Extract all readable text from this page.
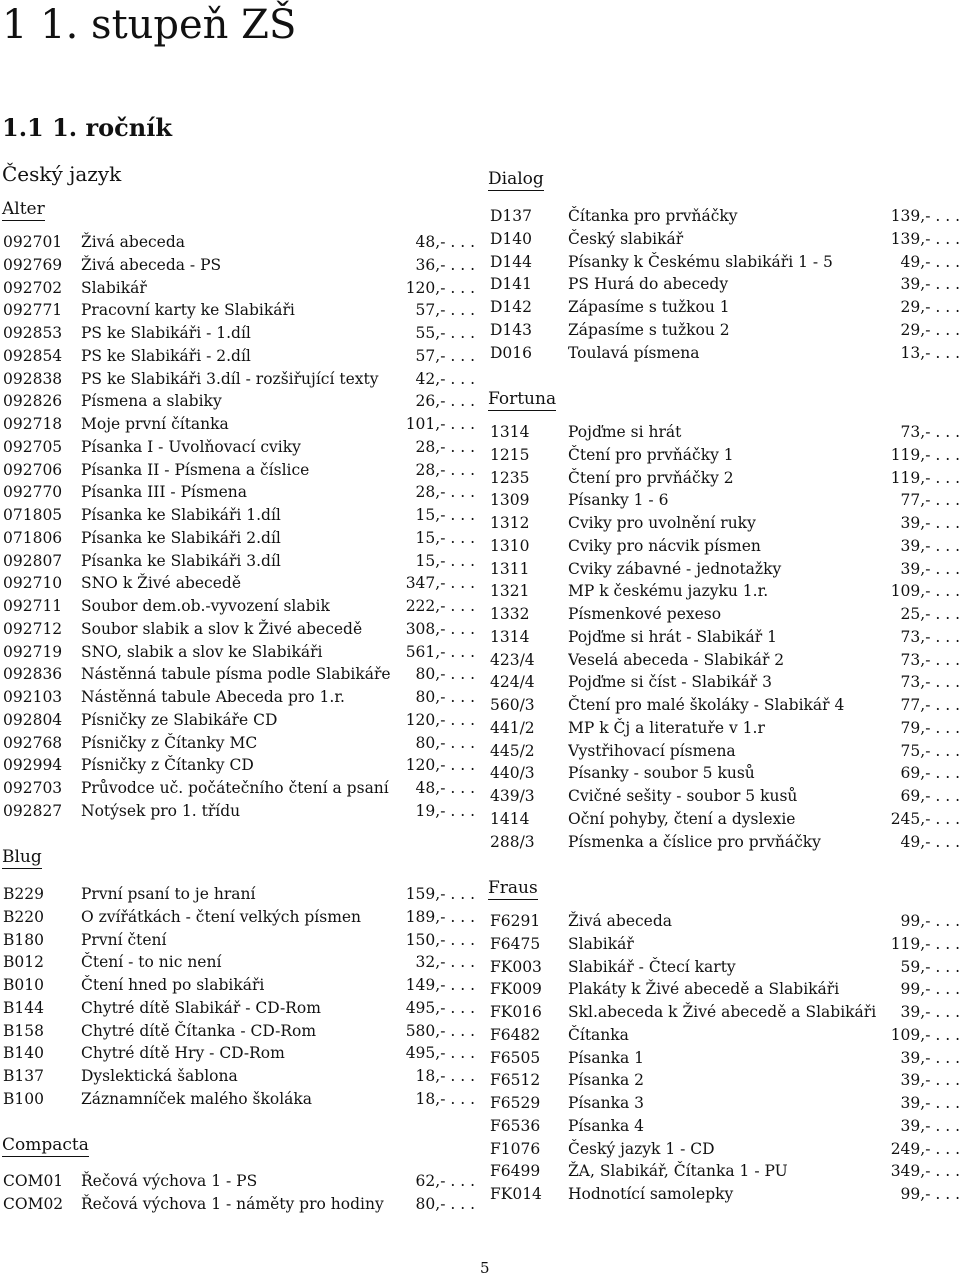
1 1. stupeň ZŠ
1.1 1. ročník
Český jazyk
Alter
092701	Živá abeceda	48,- . . .
092769	Živá abeceda - PS	36,- . . .
092702	Slabikář	120,- . . .
092771	Pracovní karty ke Slabikáři	57,- . . .
092853	PS ke Slabikáři - 1.díl	55,- . . .
092854	PS ke Slabikáři - 2.díl	57,- . . .
092838	PS ke Slabikáři 3.díl - rozšiřující texty	42,- . . .
092826	Písmena a slabiky	26,- . . .
092718	Moje první čítanka	101,- . . .
092705	Písanka I - Uvolňovací cviky	28,- . . .
092706	Písanka II - Písmena a číslice	28,- . . .
092770	Písanka III - Písmena	28,- . . .
071805	Písanka ke Slabikáři 1.díl	15,- . . .
071806	Písanka ke Slabikáři 2.díl	15,- . . .
092807	Písanka ke Slabikáři 3.díl	15,- . . .
092710	SNO k Živé abecedě	347,- . . .
092711	Soubor dem.ob.-vyvození slabik	222,- . . .
092712	Soubor slabik a slov k Živé abecedě	308,- . . .
092719	SNO, slabik a slov ke Slabikáři	561,- . . .
092836	Nástěnná tabule písma podle Slabikáře	80,- . . .
092103	Nástěnná tabule Abeceda pro 1.r.	80,- . . .
092804	Písničky ze Slabikáře CD	120,- . . .
092768	Písničky z Čítanky MC	80,- . . .
092994	Písničky z Čítanky CD	120,- . . .
092703	Průvodce uč. počátečního čtení a psaní	48,- . . .
092827	Notýsek pro 1. třídu	19,- . . .
Blug
B229	První psaní to je hraní	159,- . . .
B220	O zvířátkách - čtení velkých písmen	189,- . . .
B180	První čtení	150,- . . .
B012	Čtení - to nic není	32,- . . .
B010	Čtení hned po slabikáři	149,- . . .
B144	Chytré dítě Slabikář - CD-Rom	495,- . . .
B158	Chytré dítě Čítanka - CD-Rom	580,- . . .
B140	Chytré dítě Hry - CD-Rom	495,- . . .
B137	Dyslektická šablona	18,- . . .
B100	Záznamníček malého školáka	18,- . . .
Compacta
COM01	Řečová výchova 1 - PS	62,- . . .
COM02	Řečová výchova 1 - náměty pro hodiny	80,- . . .
Dialog
D137	Čítanka pro prvňáčky	139,- . . .
D140	Český slabikář	139,- . . .
D144	Písanky k Českému slabikáři 1 - 5	49,- . . .
D141	PS Hurá do abecedy	39,- . . .
D142	Zápasíme s tužkou 1	29,- . . .
D143	Zápasíme s tužkou 2	29,- . . .
D016	Toulavá písmena	13,- . . .
Fortuna
1314	Pojďme si hrát	73,- . . .
1215	Čtení pro prvňáčky 1	119,- . . .
1235	Čtení pro prvňáčky 2	119,- . . .
1309	Písanky 1 - 6	77,- . . .
1312	Cviky pro uvolnění ruky	39,- . . .
1310	Cviky pro nácvik písmen	39,- . . .
1311	Cviky zábavné - jednotažky	39,- . . .
1321	MP k českému jazyku 1.r.	109,- . . .
1332	Písmenkové pexeso	25,- . . .
1314	Pojďme si hrát - Slabikář 1	73,- . . .
423/4	Veselá abeceda - Slabikář 2	73,- . . .
424/4	Pojďme si číst - Slabikář 3	73,- . . .
560/3	Čtení pro malé školáky - Slabikář 4	77,- . . .
441/2	MP k Čj a literatuře v 1.r	79,- . . .
445/2	Vystřihovací písmena	75,- . . .
440/3	Písanky - soubor 5 kusů	69,- . . .
439/3	Cvičné sešity - soubor 5 kusů	69,- . . .
1414	Oční pohyby, čtení a dyslexie	245,- . . .
288/3	Písmenka a číslice pro prvňáčky	49,- . . .
Fraus
F6291	Živá abeceda	99,- . . .
F6475	Slabikář	119,- . . .
FK003	Slabikář - Čtecí karty	59,- . . .
FK009	Plakáty k Živé abecedě a Slabikáři	99,- . . .
FK016	Skl.abeceda k Živé abecedě a Slabikáři	39,- . . .
F6482	Čítanka	109,- . . .
F6505	Písanka 1	39,- . . .
F6512	Písanka 2	39,- . . .
F6529	Písanka 3	39,- . . .
F6536	Písanka 4	39,- . . .
F1076	Český jazyk 1 - CD	249,- . . .
F6499	ŽA, Slabikář, Čítanka 1 - PU	349,- . . .
FK014	Hodnotící samolepky	99,- . . .
5
